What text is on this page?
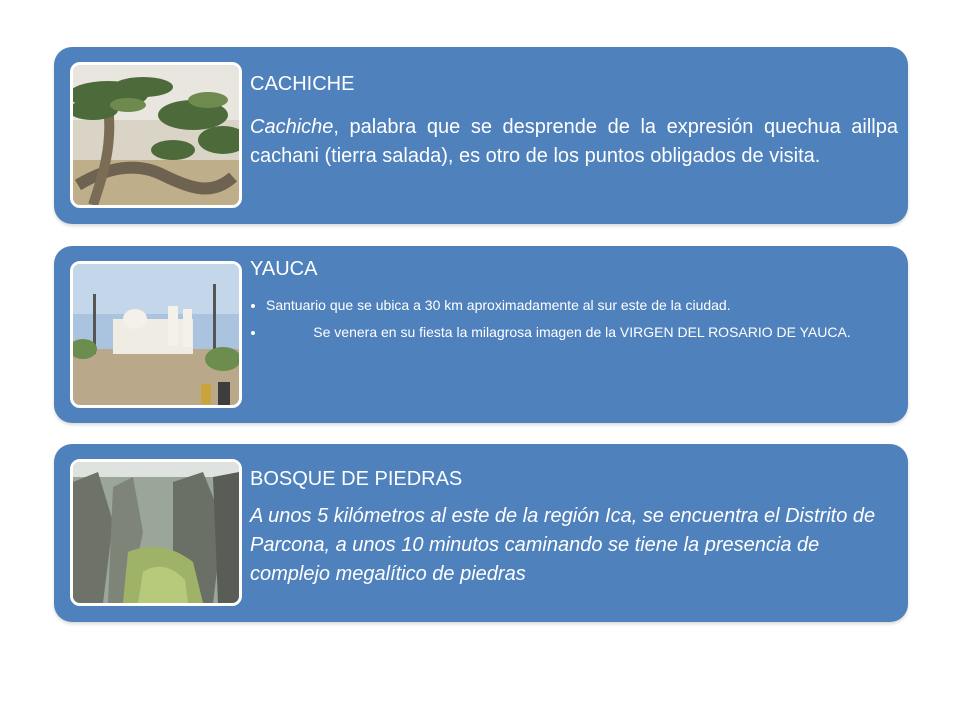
CACHICHE
Cachiche, palabra que se desprende de la expresión quechua aillpa cachani (tierra salada), es otro de los puntos obligados de visita.
YAUCA
• Santuario que se ubica a 30 km aproximadamente al sur este de la ciudad.
• Se venera en su fiesta la milagrosa imagen de la VIRGEN DEL ROSARIO DE YAUCA.
BOSQUE DE PIEDRAS
A unos 5 kilómetros al este de la región Ica, se encuentra el Distrito de Parcona, a unos 10 minutos caminando se tiene la presencia de complejo megalítico de piedras
